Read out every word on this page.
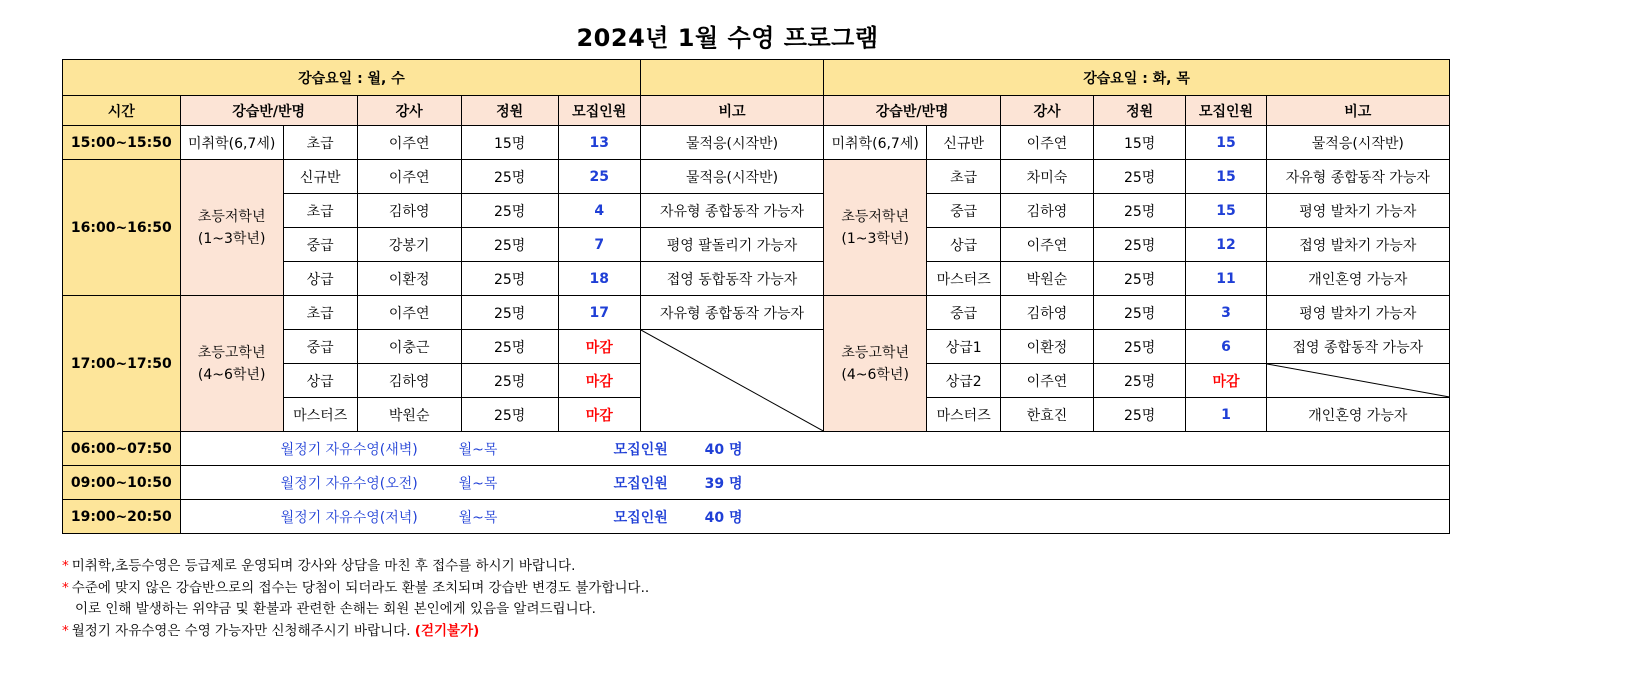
2024년 1월 수영 프로그램
강습요일 : 월, 수							강습요일 : 화, 목					
시간	강습반/반명		강사	정원	모집인원	비고	강습반/반명		강사	정원	모집인원	비고
15:00~15:50	미취학(6,7세)	초급	이주연	15명	13	물적응(시작반)	미취학(6,7세)	신규반	이주연	15명	15	물적응(시작반)
16:00~16:50	초등저학년 (1~3학년)	신규반	이주연	25명	25	물적응(시작반)	초등저학년 (1~3학년)	초급	차미숙	25명	15	자유형 종합동작 가능자
		초급	김하영	25명	4	자유형 종합동작 가능자		중급	김하영	25명	15	평영 발차기 가능자
		중급	강봉기	25명	7	평영 팔돌리기 가능자		상급	이주연	25명	12	접영 발차기 가능자
		상급	이환정	25명	18	접영 동합동작 가능자		마스터즈	박원순	25명	11	개인혼영 가능자
17:00~17:50	초등고학년 (4~6학년)	초급	이주연	25명	17	자유형 종합동작 가능자	초등고학년 (4~6학년)	중급	김하영	25명	3	평영 발차기 가능자
		중급	이충근	25명	마감			상급1	이환정	25명	6	접영 종합동작 가능자
		상급	김하영	25명	마감			상급2	이주연	25명	마감	

		마스터즈	박원순	25명	마감			마스터즈	한효진	25명	1	개인혼영 가능자
06:00~07:50	월정기 자유수영(새벽) 월~목 모집인원 40 명											

09:00~10:50	월정기 자유수영(오전) 월~목 모집인원 39 명											

19:00~20:50	월정기 자유수영(저녁) 월~목 모집인원 40 명											
* 미취학,초등수영은 등급제로 운영되며 강사와 상담을 마친 후 접수를 하시기 바랍니다.
* 수준에 맞지 않은 강습반으로의 접수는 당첨이 되더라도 환불 조치되며 강습반 변경도 불가합니다..
이로 인해 발생하는 위약금 및 환불과 관련한 손해는 회원 본인에게 있음을 알려드립니다.
* 월정기 자유수영은 수영 가능자만 신청해주시기 바랍니다. (걷기불가)
